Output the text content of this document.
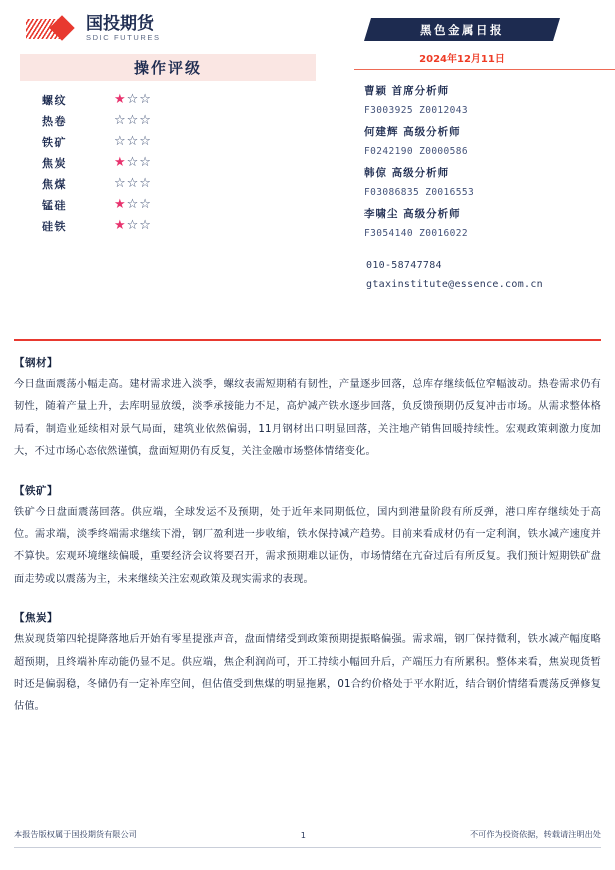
国投期货
SDIC FUTURES
操作评级
螺纹	★☆☆
热卷	☆☆☆
铁矿	☆☆☆
焦炭	★☆☆
焦煤	☆☆☆
锰硅	★☆☆
硅铁	★☆☆
黑色金属日报
2024年12月11日
曹颖 首席分析师
F3003925 Z0012043
何建辉 高级分析师
F0242190 Z0000586
韩倞 高级分析师
F03086835 Z0016553
李啸尘 高级分析师
F3054140 Z0016022
010-58747784
gtaxinstitute@essence.com.cn
【钢材】
今日盘面震荡小幅走高。建材需求进入淡季，螺纹表需短期稍有韧性，产量逐步回落，总库存继续低位窄幅波动。热卷需求仍有韧性，随着产量上升，去库明显放缓，淡季承接能力不足，高炉减产铁水逐步回落，负反馈预期仍反复冲击市场。从需求整体格局看，制造业延续相对景气局面，建筑业依然偏弱，11月钢材出口明显回落，关注地产销售回暖持续性。宏观政策刺激力度加大，不过市场心态依然谨慎，盘面短期仍有反复，关注金融市场整体情绪变化。
【铁矿】
铁矿今日盘面震荡回落。供应端，全球发运不及预期，处于近年来同期低位，国内到港量阶段有所反弹，港口库存继续处于高位。需求端，淡季终端需求继续下滑，钢厂盈利进一步收缩，铁水保持减产趋势。目前来看成材仍有一定利润，铁水减产速度并不算快。宏观环境继续偏暖，重要经济会议将要召开，需求预期难以证伪，市场情绪在亢奋过后有所反复。我们预计短期铁矿盘面走势或以震荡为主，未来继续关注宏观政策及现实需求的表现。
【焦炭】
焦炭现货第四轮提降落地后开始有零星提涨声音，盘面情绪受到政策预期提振略偏强。需求端，钢厂保持微利，铁水减产幅度略超预期，且终端补库动能仍显不足。供应端，焦企利润尚可，开工持续小幅回升后，产端压力有所累积。整体来看，焦炭现货暂时还是偏弱稳，冬储仍有一定补库空间，但估值受到焦煤的明显拖累，01合约价格处于平水附近，结合钢价情绪看震荡反弹修复估值。
本报告版权属于国投期货有限公司	1	不可作为投资依据，转载请注明出处
